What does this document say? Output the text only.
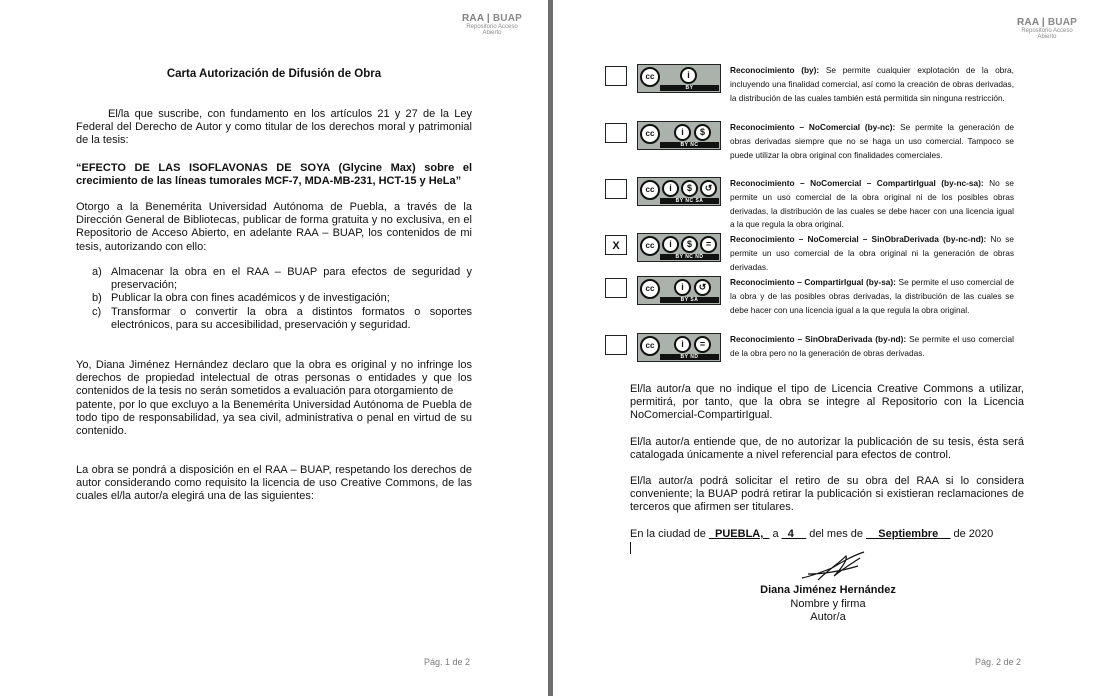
RAA | BUAP
Repositorio Acceso
Abierto
Carta Autorización de Difusión de Obra

El/la que suscribe, con fundamento en los artículos 21 y 27 de la Ley Federal del Derecho de Autor y como titular de los derechos moral y patrimonial de la tesis:

“EFECTO DE LAS ISOFLAVONAS DE SOYA (Glycine Max) sobre el crecimiento de las líneas tumorales MCF-7, MDA-MB-231, HCT-15 y HeLa”

Otorgo a la Benemérita Universidad Autónoma de Puebla, a través de la Dirección General de Bibliotecas, publicar de forma gratuita y no exclusiva, en el Repositorio de Acceso Abierto, en adelante RAA – BUAP, los contenidos de mi tesis, autorizando con ello:

a) Almacenar la obra en el RAA – BUAP para efectos de seguridad y preservación;
b) Publicar la obra con fines académicos y de investigación;
c) Transformar o convertir la obra a distintos formatos o soportes electrónicos, para su accesibilidad, preservación y seguridad.

Yo, Diana Jiménez Hernández declaro que la obra es original y no infringe los derechos de propiedad intelectual de otras personas o entidades y que los contenidos de la tesis no serán sometidos a evaluación para otorgamiento de
patente, por lo que excluyo a la Benemérita Universidad Autónoma de Puebla de todo tipo de responsabilidad, ya sea civil, administrativa o penal en virtud de su contenido.

La obra se pondrá a disposición en el RAA – BUAP, respetando los derechos de autor considerando como requisito la licencia de uso Creative Commons, de las cuales el/la autor/a elegirá una de las siguientes:

Pág. 1 de 2
RAA | BUAP
Repositorio Acceso
Abierto
cc	i
BY
Reconocimiento (by): Se permite cualquier explotación de la obra, incluyendo una finalidad comercial, así como la creación de obras derivadas, la distribución de las cuales también está permitida sin ninguna restricción.
cc	i	$
BY NC
Reconocimiento – NoComercial (by-nc): Se permite la generación de obras derivadas siempre que no se haga un uso comercial. Tampoco se puede utilizar la obra original con finalidades comerciales.
cc	i	$	↺
BY NC SA
Reconocimiento – NoComercial – CompartirIgual (by-nc-sa): No se permite un uso comercial de la obra original ni de los posibles obras derivadas, la distribución de las cuales se debe hacer con una licencia igual a la que regula la obra original.
X	cc	i	$	=
BY NC ND
Reconocimiento – NoComercial – SinObraDerivada (by-nc-nd): No se permite un uso comercial de la obra original ni la generación de obras derivadas.
cc	i	↺
BY SA
Reconocimiento – CompartirIgual (by-sa): Se permite el uso comercial de la obra y de las posibles obras derivadas, la distribución de las cuales se debe hacer con una licencia igual a la que regula la obra original.
cc	i	=
BY ND
Reconocimiento – SinObraDerivada (by-nd): Se permite el uso comercial de la obra pero no la generación de obras derivadas.
El/la autor/a que no indique el tipo de Licencia Creative Commons a utilizar, permitirá, por tanto, que la obra se integre al Repositorio con la Licencia NoComercial-CompartirIgual.
El/la autor/a entiende que, de no autorizar la publicación de su tesis, ésta será catalogada únicamente a nivel referencial para efectos de control.
El/la autor/a podrá solicitar el retiro de su obra del RAA si lo considera conveniente; la BUAP podrá retirar la publicación si existieran reclamaciones de terceros que afirmen ser titulares.
En la ciudad de _PUEBLA,_ a _4__ del mes de __Septiembre__ de 2020
Diana Jiménez Hernández
Nombre y firma
Autor/a
Pág. 2 de 2
